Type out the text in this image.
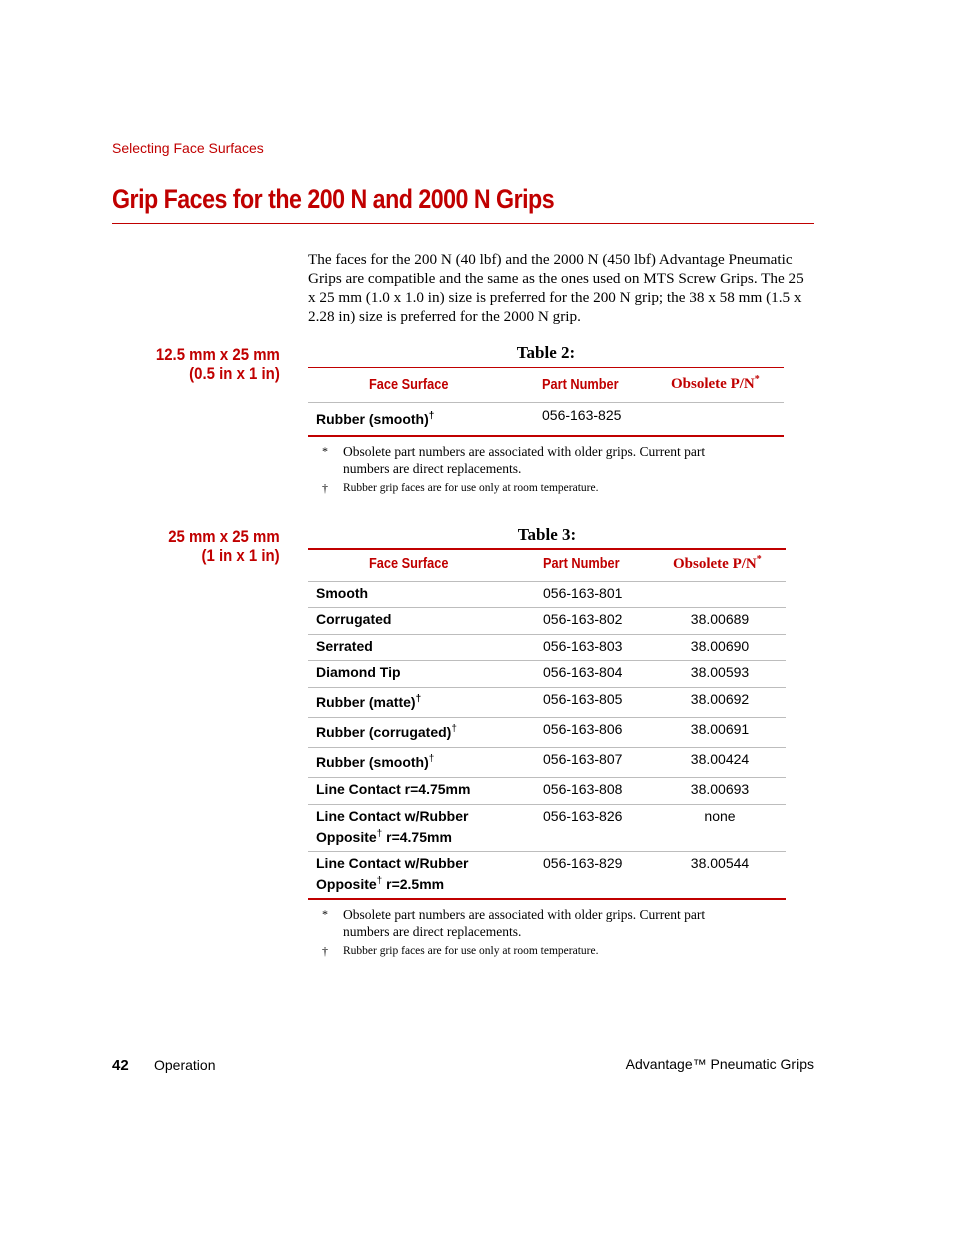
Selecting Face Surfaces
Grip Faces for the 200 N and 2000 N Grips

The faces for the 200 N (40 lbf) and the 2000 N (450 lbf) Advantage Pneumatic Grips are compatible and the same as the ones used on MTS Screw Grips. The 25 x 25 mm (1.0 x 1.0 in) size is preferred for the 200 N grip; the 38 x 58 mm (1.5 x 2.28 in) size is preferred for the 2000 N grip.

12.5 mm x 25 mm
(0.5 in x 1 in)
Table 2:
Face Surface	Part Number	Obsolete P/N*
Rubber (smooth)†	056-163-825
* Obsolete part numbers are associated with older grips. Current part numbers are direct replacements.
† Rubber grip faces are for use only at room temperature.
25 mm x 25 mm
(1 in x 1 in)
Table 3:
Face Surface	Part Number	Obsolete P/N*
Smooth	056-163-801
Corrugated	056-163-802	38.00689
Serrated	056-163-803	38.00690
Diamond Tip	056-163-804	38.00593
Rubber (matte)†	056-163-805	38.00692
Rubber (corrugated)†	056-163-806	38.00691
Rubber (smooth)†	056-163-807	38.00424
Line Contact r=4.75mm	056-163-808	38.00693
Line Contact w/Rubber
Opposite† r=4.75mm
056-163-826	none
Line Contact w/Rubber
Opposite† r=2.5mm
056-163-829	38.00544
* Obsolete part numbers are associated with older grips. Current part numbers are direct replacements.
† Rubber grip faces are for use only at room temperature.
42 Operation	Advantage™ Pneumatic Grips
